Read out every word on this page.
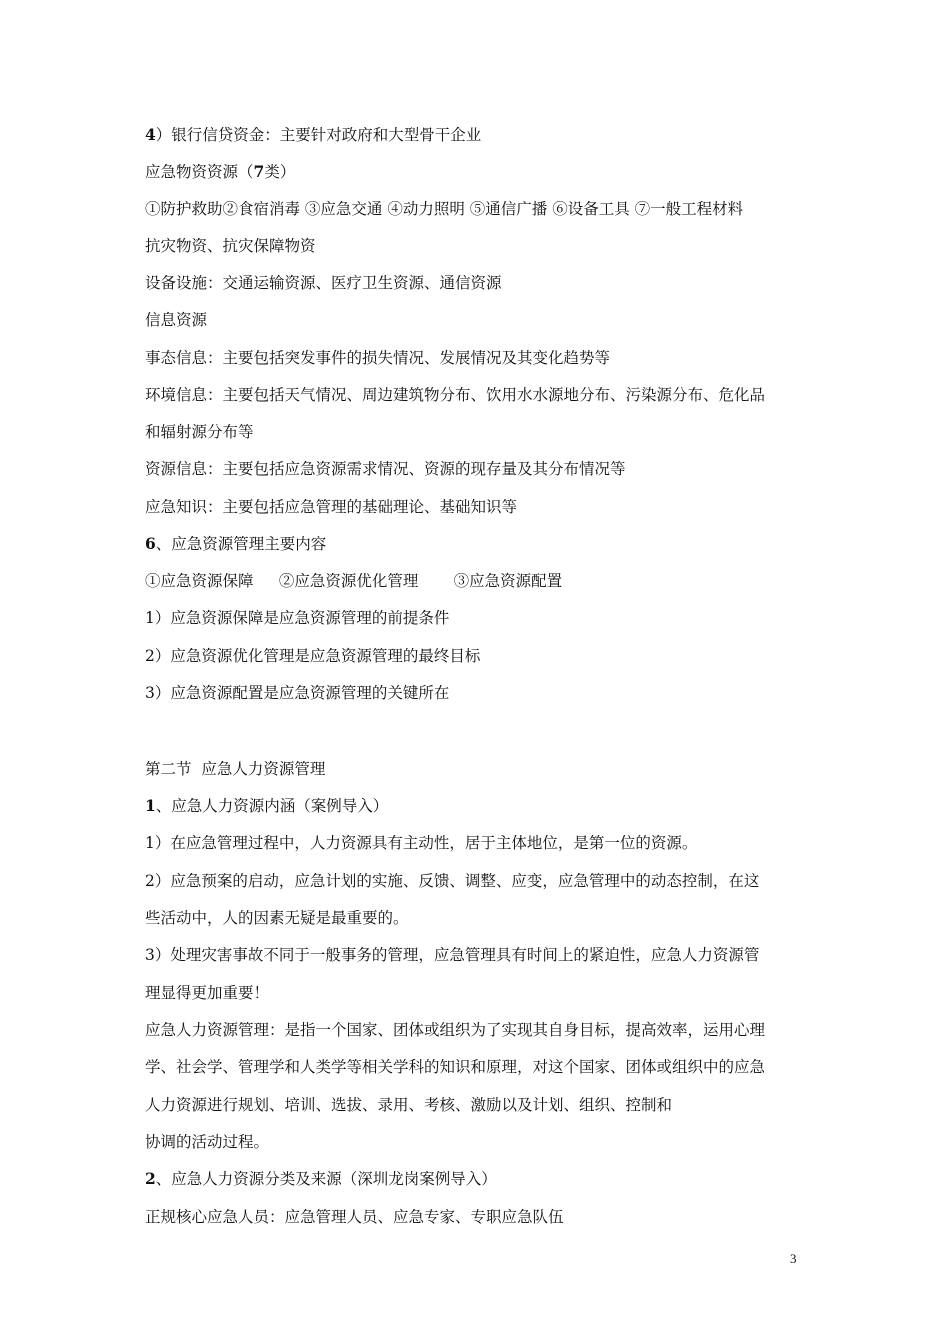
4）银行信贷资金：主要针对政府和大型骨干企业
应急物资资源（7类）
①防护救助②食宿消毒 ③应急交通 ④动力照明 ⑤通信广播 ⑥设备工具 ⑦一般工程材料
抗灾物资、抗灾保障物资
设备设施：交通运输资源、医疗卫生资源、通信资源
信息资源
事态信息：主要包括突发事件的损失情况、发展情况及其变化趋势等
环境信息：主要包括天气情况、周边建筑物分布、饮用水水源地分布、污染源分布、危化品
和辐射源分布等
资源信息：主要包括应急资源需求情况、资源的现存量及其分布情况等
应急知识：主要包括应急管理的基础理论、基础知识等
6、应急资源管理主要内容
①应急资源保障　  ②应急资源优化管理　    ③应急资源配置
1）应急资源保障是应急资源管理的前提条件
2）应急资源优化管理是应急资源管理的最终目标
3）应急资源配置是应急资源管理的关键所在
第二节  应急人力资源管理
1、应急人力资源内涵（案例导入）
1）在应急管理过程中，人力资源具有主动性，居于主体地位，是第一位的资源。
2）应急预案的启动，应急计划的实施、反馈、调整、应变，应急管理中的动态控制，在这
些活动中，人的因素无疑是最重要的。
3）处理灾害事故不同于一般事务的管理，应急管理具有时间上的紧迫性，应急人力资源管
理显得更加重要！
应急人力资源管理：是指一个国家、团体或组织为了实现其自身目标，提高效率，运用心理
学、社会学、管理学和人类学等相关学科的知识和原理，对这个国家、团体或组织中的应急
人力资源进行规划、培训、选拔、录用、考核、激励以及计划、组织、控制和
协调的活动过程。
2、应急人力资源分类及来源（深圳龙岗案例导入）
正规核心应急人员：应急管理人员、应急专家、专职应急队伍
3
